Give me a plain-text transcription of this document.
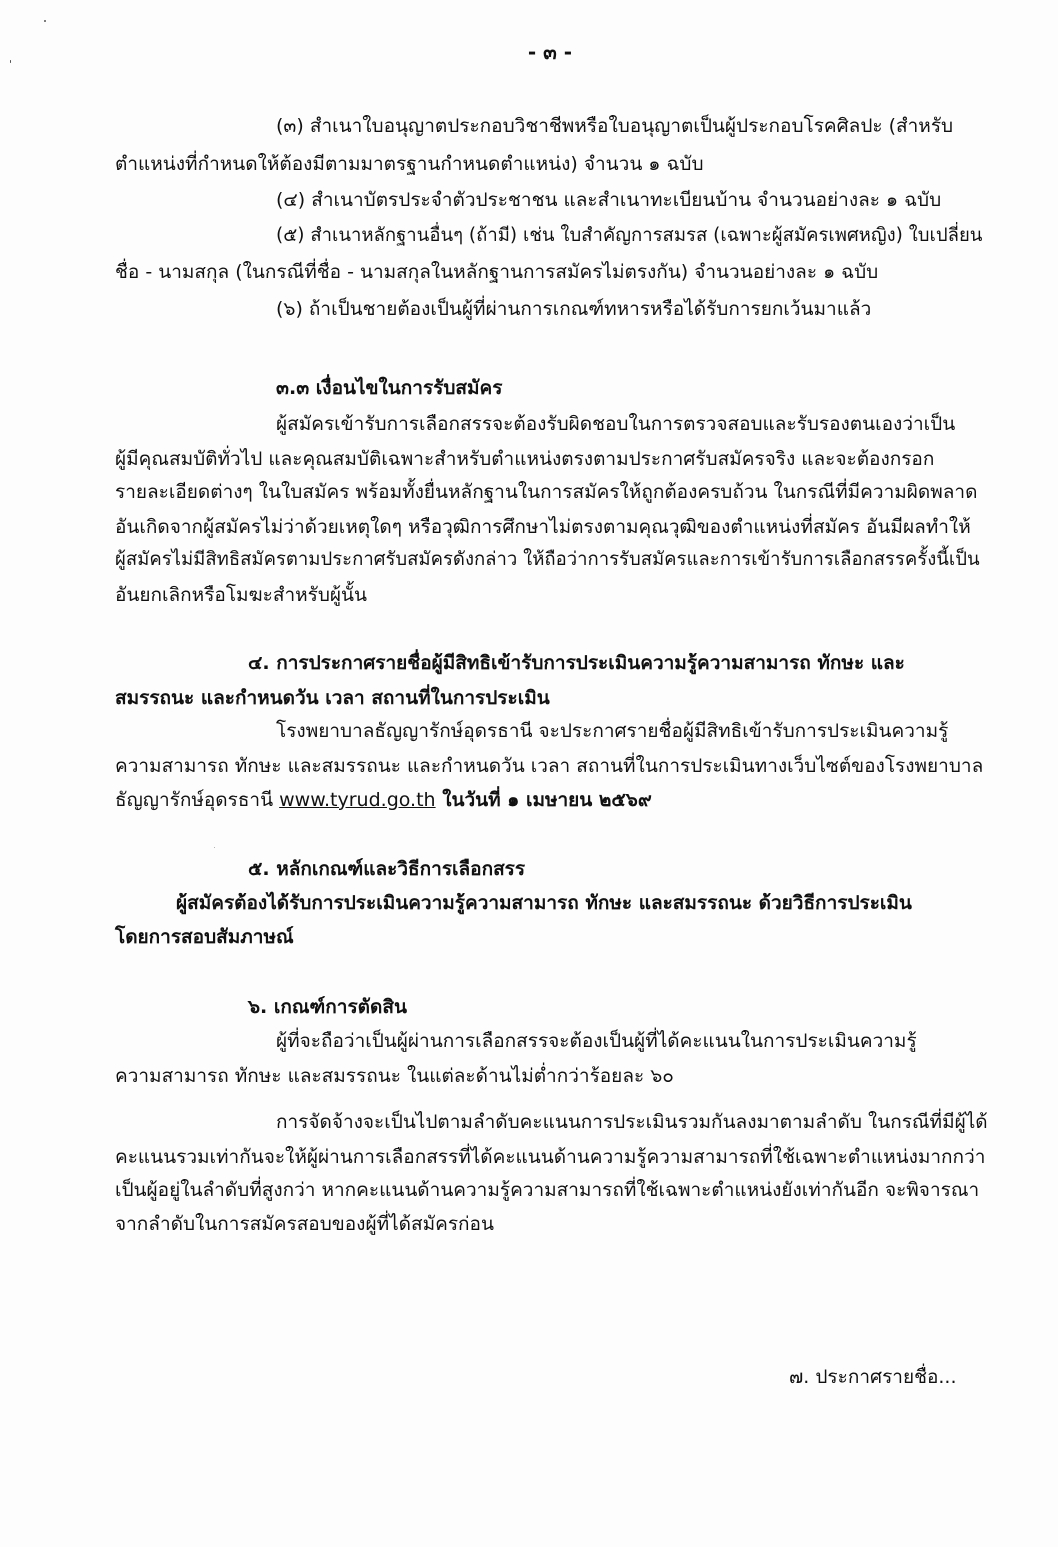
- ๓ -
(๓) สำเนาใบอนุญาตประกอบวิชาชีพหรือใบอนุญาตเป็นผู้ประกอบโรคศิลปะ (สำหรับ
ตำแหน่งที่กำหนดให้ต้องมีตามมาตรฐานกำหนดตำแหน่ง) จำนวน ๑ ฉบับ
(๔) สำเนาบัตรประจำตัวประชาชน และสำเนาทะเบียนบ้าน จำนวนอย่างละ ๑ ฉบับ
(๕) สำเนาหลักฐานอื่นๆ (ถ้ามี) เช่น ใบสำคัญการสมรส (เฉพาะผู้สมัครเพศหญิง) ใบเปลี่ยน
ชื่อ - นามสกุล (ในกรณีที่ชื่อ - นามสกุลในหลักฐานการสมัครไม่ตรงกัน) จำนวนอย่างละ ๑ ฉบับ
(๖) ถ้าเป็นชายต้องเป็นผู้ที่ผ่านการเกณฑ์ทหารหรือได้รับการยกเว้นมาแล้ว
๓.๓ เงื่อนไขในการรับสมัคร
ผู้สมัครเข้ารับการเลือกสรรจะต้องรับผิดชอบในการตรวจสอบและรับรองตนเองว่าเป็น
ผู้มีคุณสมบัติทั่วไป และคุณสมบัติเฉพาะสำหรับตำแหน่งตรงตามประกาศรับสมัครจริง และจะต้องกรอก
รายละเอียดต่างๆ ในใบสมัคร พร้อมทั้งยื่นหลักฐานในการสมัครให้ถูกต้องครบถ้วน ในกรณีที่มีความผิดพลาด
อันเกิดจากผู้สมัครไม่ว่าด้วยเหตุใดๆ หรือวุฒิการศึกษาไม่ตรงตามคุณวุฒิของตำแหน่งที่สมัคร อันมีผลทำให้
ผู้สมัครไม่มีสิทธิสมัครตามประกาศรับสมัครดังกล่าว ให้ถือว่าการรับสมัครและการเข้ารับการเลือกสรรครั้งนี้เป็น
อันยกเลิกหรือโมฆะสำหรับผู้นั้น
๔. การประกาศรายชื่อผู้มีสิทธิเข้ารับการประเมินความรู้ความสามารถ ทักษะ และ
สมรรถนะ และกำหนดวัน เวลา สถานที่ในการประเมิน
โรงพยาบาลธัญญารักษ์อุดรธานี จะประกาศรายชื่อผู้มีสิทธิเข้ารับการประเมินความรู้
ความสามารถ ทักษะ และสมรรถนะ และกำหนดวัน เวลา สถานที่ในการประเมินทางเว็บไซต์ของโรงพยาบาล
ธัญญารักษ์อุดรธานี www.tyrud.go.th ในวันที่ ๑ เมษายน ๒๕๖๙
๕. หลักเกณฑ์และวิธีการเลือกสรร
ผู้สมัครต้องได้รับการประเมินความรู้ความสามารถ ทักษะ และสมรรถนะ ด้วยวิธีการประเมิน
โดยการสอบสัมภาษณ์
๖. เกณฑ์การตัดสิน
ผู้ที่จะถือว่าเป็นผู้ผ่านการเลือกสรรจะต้องเป็นผู้ที่ได้คะแนนในการประเมินความรู้
ความสามารถ ทักษะ และสมรรถนะ ในแต่ละด้านไม่ต่ำกว่าร้อยละ ๖๐
การจัดจ้างจะเป็นไปตามลำดับคะแนนการประเมินรวมกันลงมาตามลำดับ ในกรณีที่มีผู้ได้
คะแนนรวมเท่ากันจะให้ผู้ผ่านการเลือกสรรที่ได้คะแนนด้านความรู้ความสามารถที่ใช้เฉพาะตำแหน่งมากกว่า
เป็นผู้อยู่ในลำดับที่สูงกว่า หากคะแนนด้านความรู้ความสามารถที่ใช้เฉพาะตำแหน่งยังเท่ากันอีก จะพิจารณา
จากลำดับในการสมัครสอบของผู้ที่ได้สมัครก่อน
๗. ประกาศรายชื่อ...
